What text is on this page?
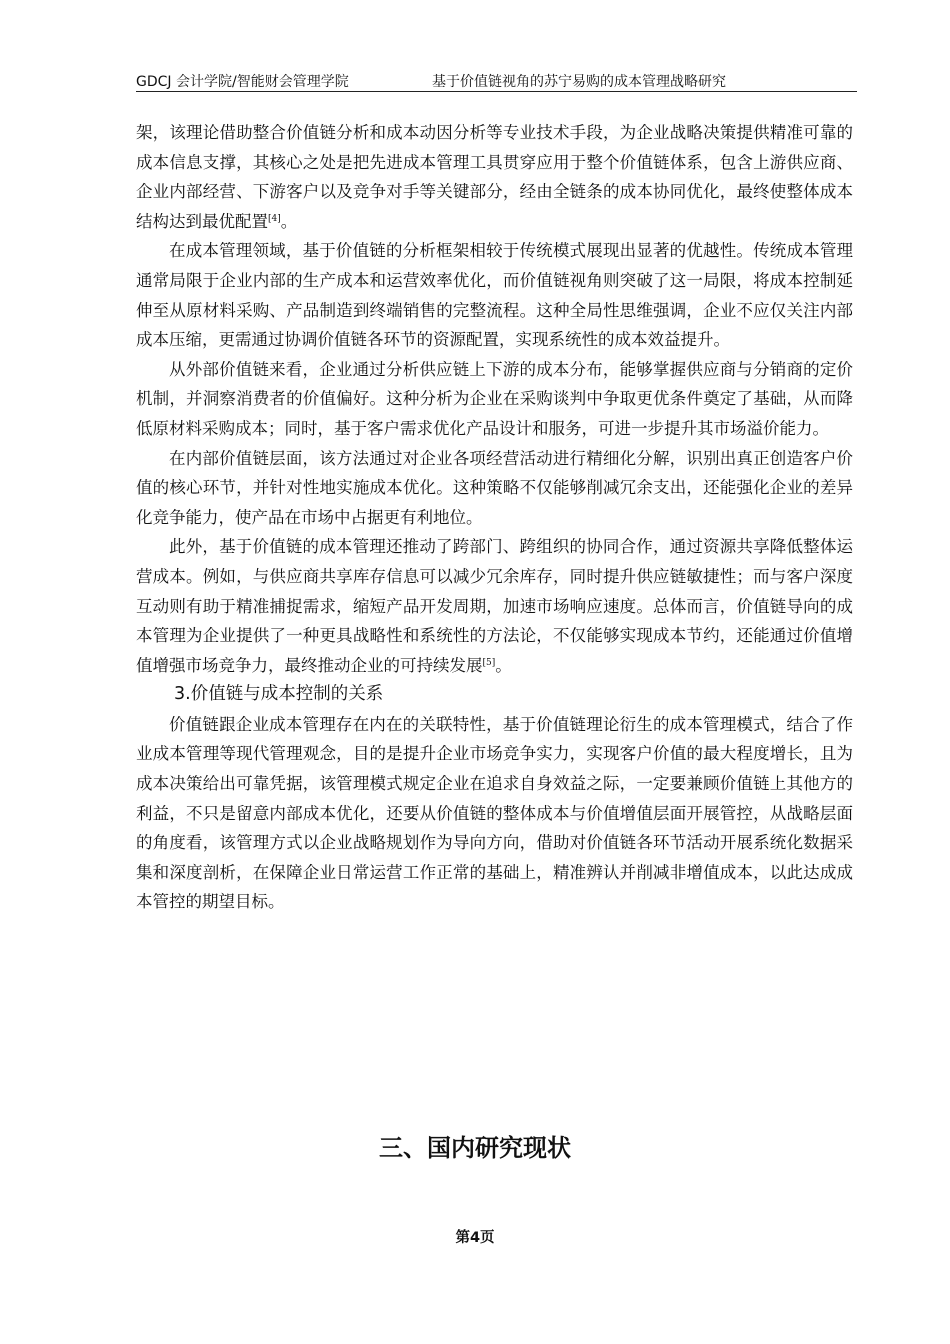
GDCJ 会计学院/智能财会管理学院	基于价值链视角的苏宁易购的成本管理战略研究

架，该理论借助整合价值链分析和成本动因分析等专业技术手段，为企业战略决策提供精准可靠的成本信息支撑，其核心之处是把先进成本管理工具贯穿应用于整个价值链体系，包含上游供应商、企业内部经营、下游客户以及竞争对手等关键部分，经由全链条的成本协同优化，最终使整体成本结构达到最优配置[4]。

在成本管理领域，基于价值链的分析框架相较于传统模式展现出显著的优越性。传统成本管理通常局限于企业内部的生产成本和运营效率优化，而价值链视角则突破了这一局限，将成本控制延伸至从原材料采购、产品制造到终端销售的完整流程。这种全局性思维强调，企业不应仅关注内部成本压缩，更需通过协调价值链各环节的资源配置，实现系统性的成本效益提升。

从外部价值链来看，企业通过分析供应链上下游的成本分布，能够掌握供应商与分销商的定价机制，并洞察消费者的价值偏好。这种分析为企业在采购谈判中争取更优条件奠定了基础，从而降低原材料采购成本；同时，基于客户需求优化产品设计和服务，可进一步提升其市场溢价能力。

在内部价值链层面，该方法通过对企业各项经营活动进行精细化分解，识别出真正创造客户价值的核心环节，并针对性地实施成本优化。这种策略不仅能够削减冗余支出，还能强化企业的差异化竞争能力，使产品在市场中占据更有利地位。

此外，基于价值链的成本管理还推动了跨部门、跨组织的协同合作，通过资源共享降低整体运营成本。例如，与供应商共享库存信息可以减少冗余库存，同时提升供应链敏捷性；而与客户深度互动则有助于精准捕捉需求，缩短产品开发周期，加速市场响应速度。总体而言，价值链导向的成本管理为企业提供了一种更具战略性和系统性的方法论，不仅能够实现成本节约，还能通过价值增值增强市场竞争力，最终推动企业的可持续发展[5]。

3.价值链与成本控制的关系

价值链跟企业成本管理存在内在的关联特性，基于价值链理论衍生的成本管理模式，结合了作业成本管理等现代管理观念，目的是提升企业市场竞争实力，实现客户价值的最大程度增长，且为成本决策给出可靠凭据，该管理模式规定企业在追求自身效益之际，一定要兼顾价值链上其他方的利益，不只是留意内部成本优化，还要从价值链的整体成本与价值增值层面开展管控，从战略层面的角度看，该管理方式以企业战略规划作为导向方向，借助对价值链各环节活动开展系统化数据采集和深度剖析，在保障企业日常运营工作正常的基础上，精准辨认并削减非增值成本，以此达成成本管控的期望目标。

三、国内研究现状
第4页
